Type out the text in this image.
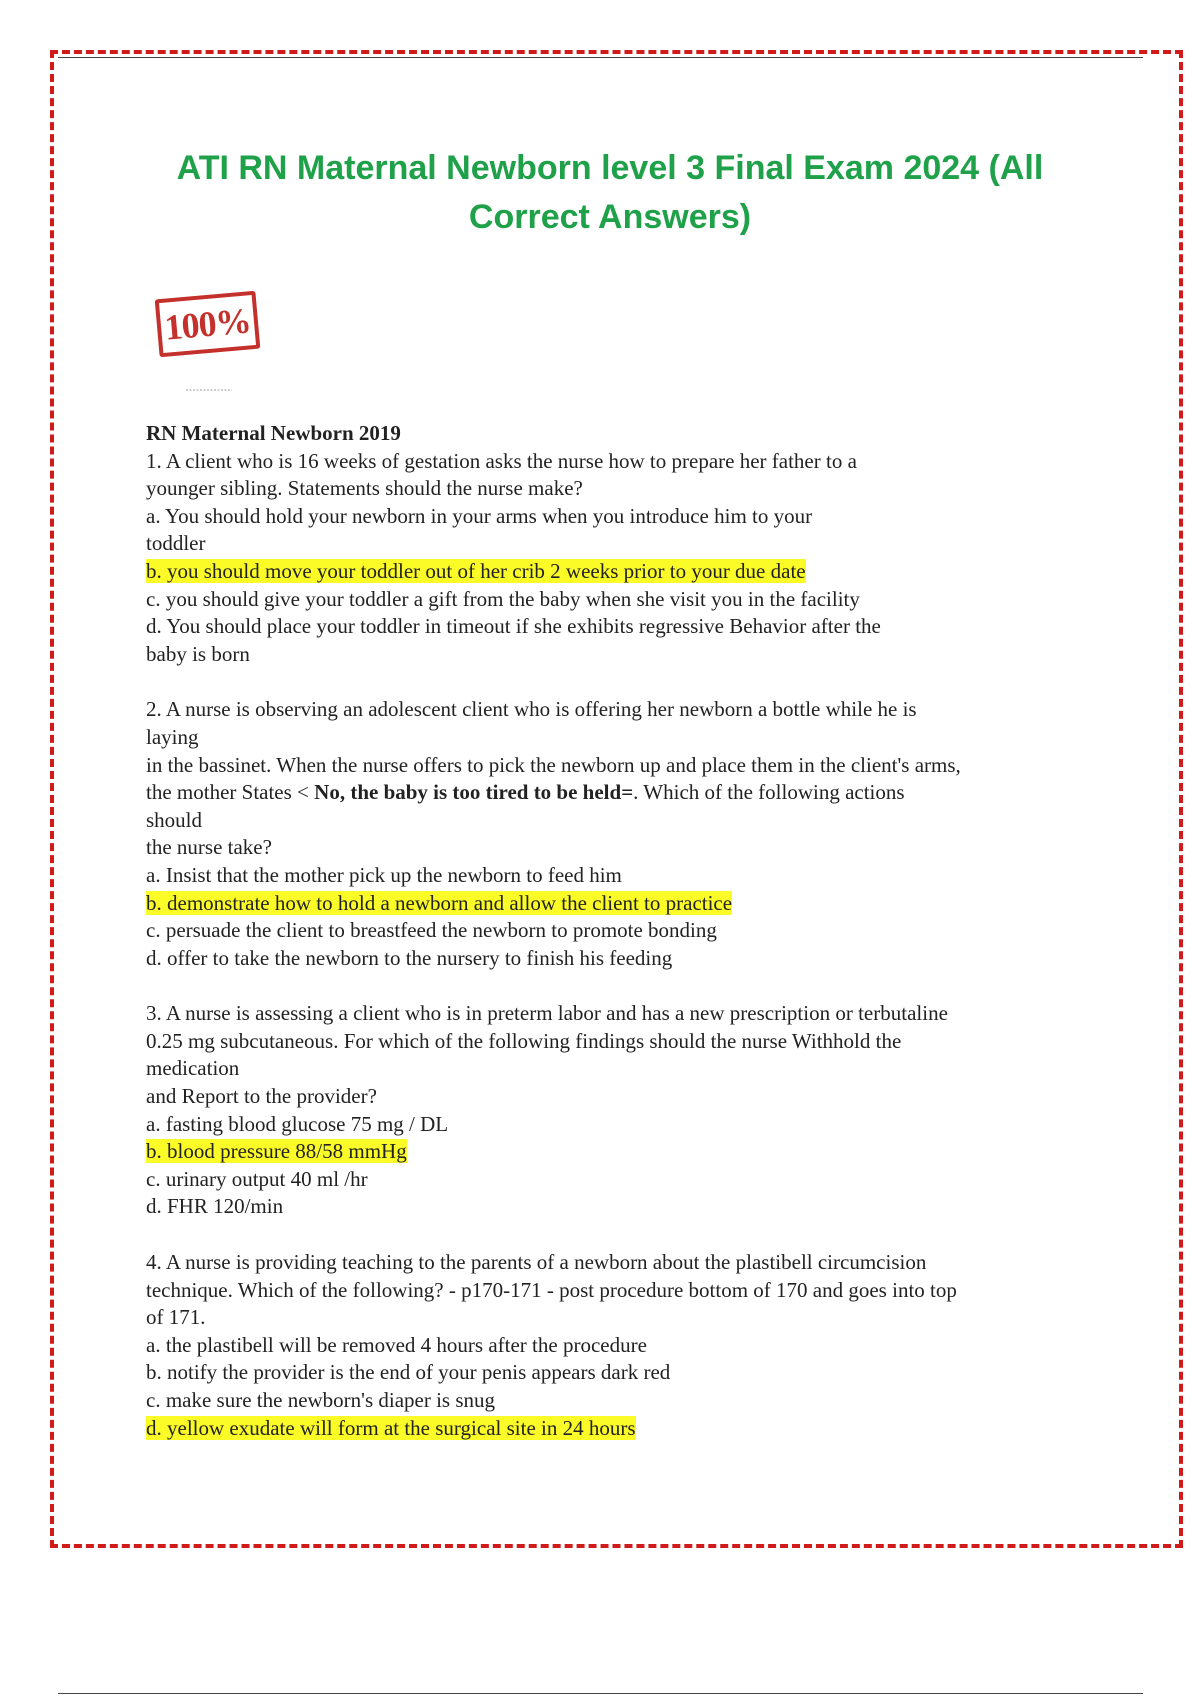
ATI RN Maternal Newborn level 3 Final Exam 2024 (All
Correct Answers)
100%
RN Maternal Newborn 2019
1. A client who is 16 weeks of gestation asks the nurse how to prepare her father to a
younger sibling. Statements should the nurse make?
a. You should hold your newborn in your arms when you introduce him to your
toddler
b. you should move your toddler out of her crib 2 weeks prior to your due date
c. you should give your toddler a gift from the baby when she visit you in the facility
d. You should place your toddler in timeout if she exhibits regressive Behavior after the
baby is born
2. A nurse is observing an adolescent client who is offering her newborn a bottle while he is
laying
in the bassinet. When the nurse offers to pick the newborn up and place them in the client's arms,
the mother States < No, the baby is too tired to be held=. Which of the following actions
should
the nurse take?
a. Insist that the mother pick up the newborn to feed him
b. demonstrate how to hold a newborn and allow the client to practice
c. persuade the client to breastfeed the newborn to promote bonding
d. offer to take the newborn to the nursery to finish his feeding
3. A nurse is assessing a client who is in preterm labor and has a new prescription or terbutaline
0.25 mg subcutaneous. For which of the following findings should the nurse Withhold the
medication
and Report to the provider?
a. fasting blood glucose 75 mg / DL
b. blood pressure 88/58 mmHg
c. urinary output 40 ml /hr
d. FHR 120/min
4. A nurse is providing teaching to the parents of a newborn about the plastibell circumcision
technique. Which of the following? - p170-171 - post procedure bottom of 170 and goes into top
of 171.
a. the plastibell will be removed 4 hours after the procedure
b. notify the provider is the end of your penis appears dark red
c. make sure the newborn's diaper is snug
d. yellow exudate will form at the surgical site in 24 hours
